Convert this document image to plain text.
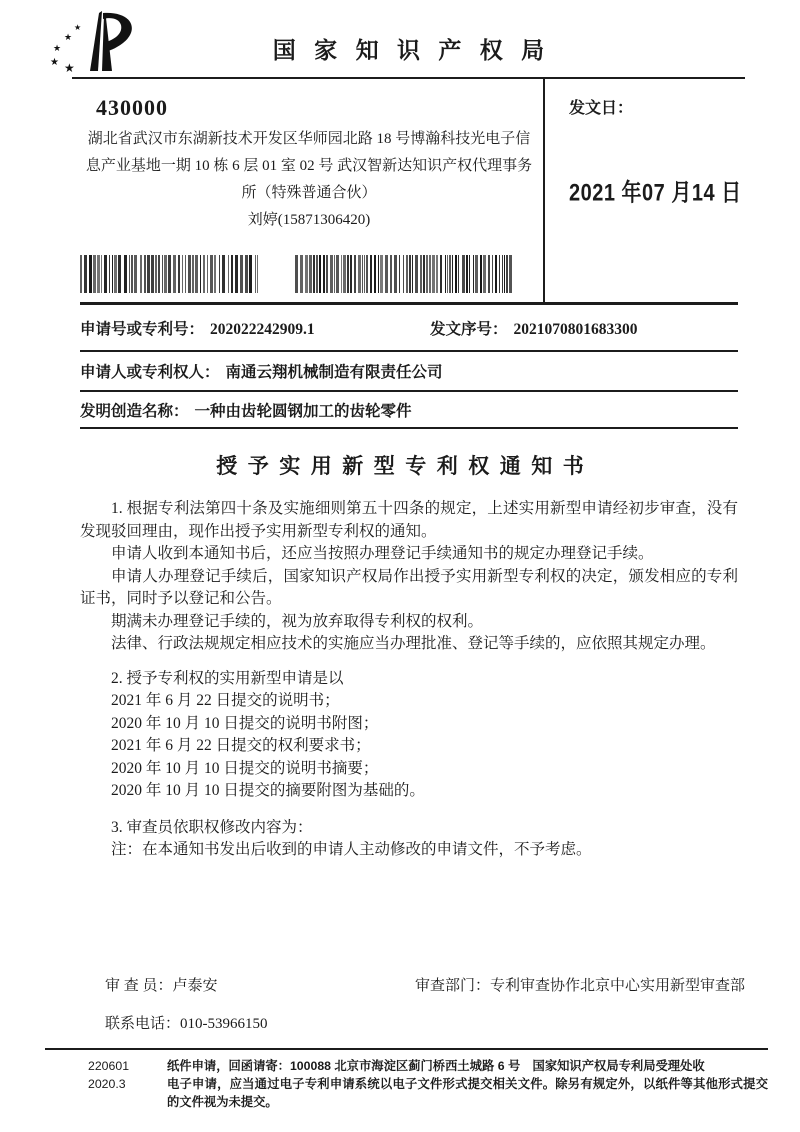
★
★
★
★ ★
国家知识产权局
430000
湖北省武汉市东湖新技术开发区华师园北路 18 号博瀚科技光电子信
息产业基地一期 10 栋 6 层 01 室 02 号 武汉智新达知识产权代理事务
所（特殊普通合伙）
刘婷(15871306420)
发文日：
2021 年07 月14 日
申请号或专利号： 202022242909.1	发文序号： 2021070801683300
申请人或专利权人： 南通云翔机械制造有限责任公司
发明创造名称： 一种由齿轮圆钢加工的齿轮零件
授予实用新型专利权通知书

1. 根据专利法第四十条及实施细则第五十四条的规定，上述实用新型申请经初步审查，没有发现驳回理由，现作出授予实用新型专利权的通知。

申请人收到本通知书后，还应当按照办理登记手续通知书的规定办理登记手续。

申请人办理登记手续后，国家知识产权局作出授予实用新型专利权的决定，颁发相应的专利证书，同时予以登记和公告。

期满未办理登记手续的，视为放弃取得专利权的权利。

法律、行政法规规定相应技术的实施应当办理批准、登记等手续的，应依照其规定办理。

2. 授予专利权的实用新型申请是以

2021 年 6 月 22 日提交的说明书；

2020 年 10 月 10 日提交的说明书附图；

2021 年 6 月 22 日提交的权利要求书；

2020 年 10 月 10 日提交的说明书摘要；

2020 年 10 月 10 日提交的摘要附图为基础的。

3. 审查员依职权修改内容为：

注：在本通知书发出后收到的申请人主动修改的申请文件，不予考虑。

审 查 员：卢泰安	审查部门：专利审查协作北京中心实用新型审查部
联系电话：010-53966150
220601
2020.3
纸件申请，回函请寄：100088 北京市海淀区蓟门桥西土城路 6 号　国家知识产权局专利局受理处收
电子申请，应当通过电子专利申请系统以电子文件形式提交相关文件。除另有规定外，以纸件等其他形式提交的文件视为未提交。
